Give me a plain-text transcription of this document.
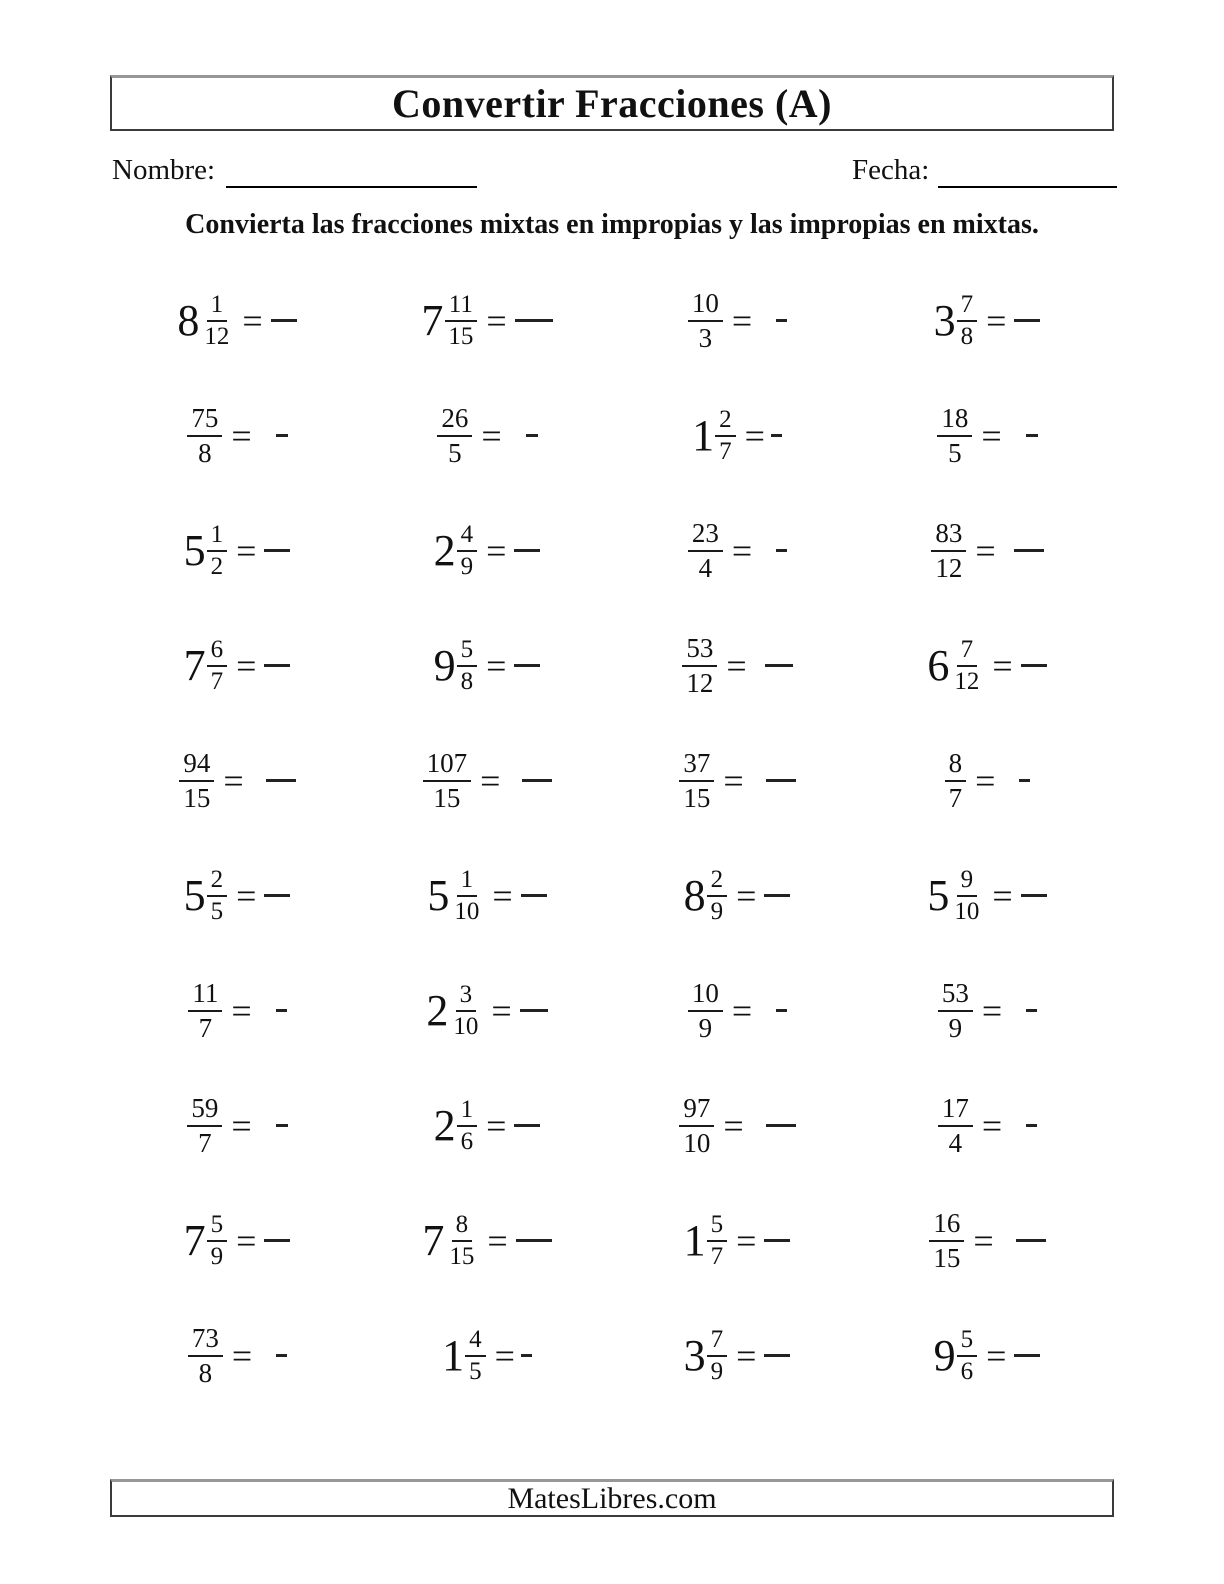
Convertir Fracciones (A)
Nombre:	Fecha:
Convierta las fracciones mixtas en impropias y las impropias en mixtas.
$8 \frac{1}{12}$ =	$7 \frac{11}{15}$ =	$\frac{10}{3}$ =	$3 \frac{7}{8}$ =
$\frac{75}{8}$ =	$\frac{26}{5}$ =	$1 \frac{2}{7}$ =	$\frac{18}{5}$ =
$5 \frac{1}{2}$ =	$2 \frac{4}{9}$ =	$\frac{23}{4}$ =	$\frac{83}{12}$ =
$7 \frac{6}{7}$ =	$9 \frac{5}{8}$ =	$\frac{53}{12}$ =	$6 \frac{7}{12}$ =
$\frac{94}{15}$ =	$\frac{107}{15}$ =	$\frac{37}{15}$ =	$\frac{8}{7}$ =
$5 \frac{2}{5}$ =	$5 \frac{1}{10}$ =	$8 \frac{2}{9}$ =	$5 \frac{9}{10}$ =
$\frac{11}{7}$ =	$2 \frac{3}{10}$ =	$\frac{10}{9}$ =	$\frac{53}{9}$ =
$\frac{59}{7}$ =	$2 \frac{1}{6}$ =	$\frac{97}{10}$ =	$\frac{17}{4}$ =
$7 \frac{5}{9}$ =	$7 \frac{8}{15}$ =	$1 \frac{5}{7}$ =	$\frac{16}{15}$ =
$\frac{73}{8}$ =	$1 \frac{4}{5}$ =	$3 \frac{7}{9}$ =	$9 \frac{5}{6}$ =
MatesLibres.com
